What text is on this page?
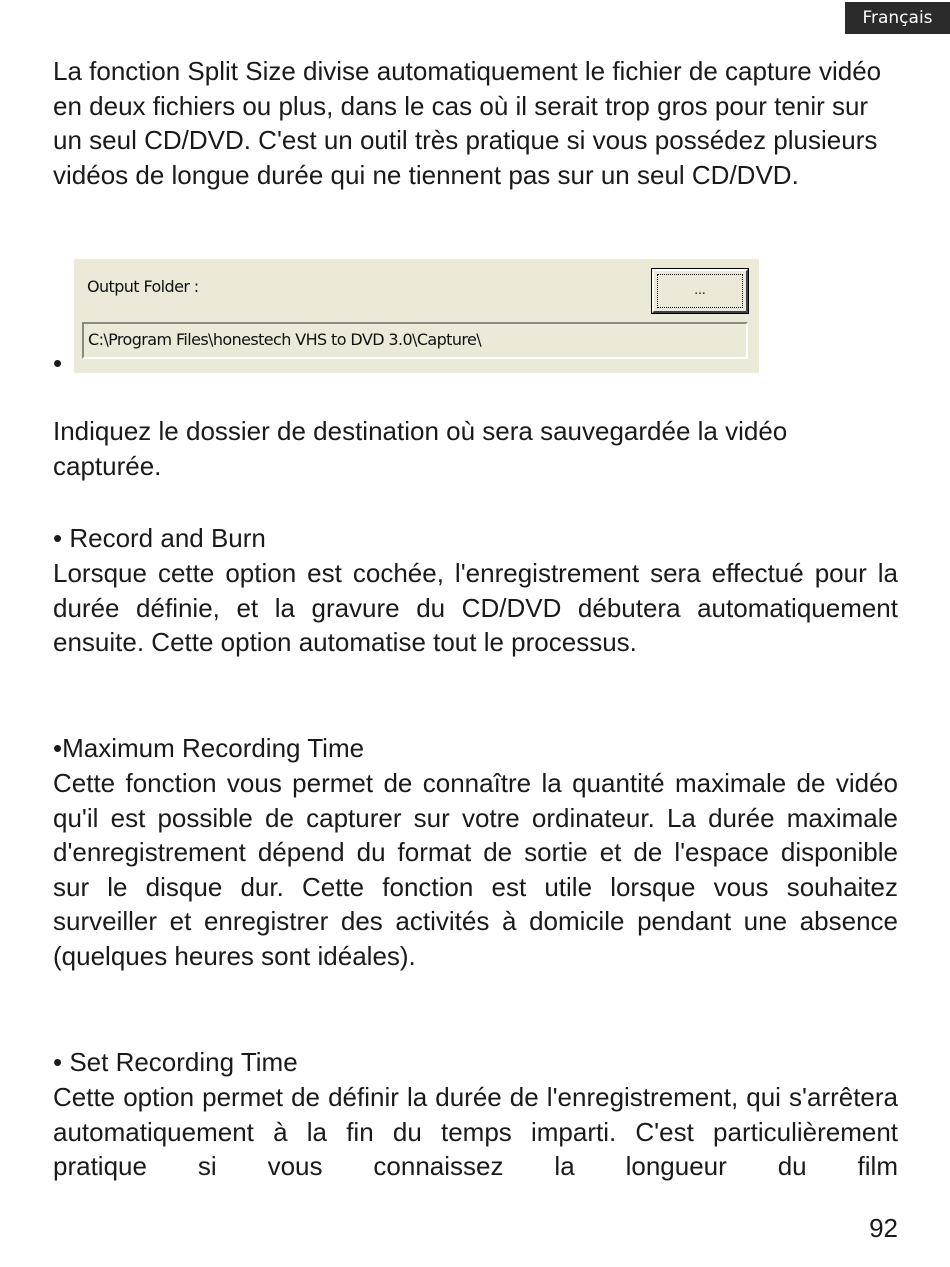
Français

La fonction Split Size divise automatiquement le fichier de capture vidéo en deux fichiers ou plus, dans le cas où il serait trop gros pour tenir sur un seul CD/DVD. C'est un outil très pratique si vous possédez plusieurs vidéos de longue durée qui ne tiennent pas sur un seul CD/DVD.

•
Output Folder :	...
C:\Program Files\honestech VHS to DVD 3.0\Capture\

Indiquez le dossier de destination où sera sauvegardée la vidéo capturée.

• Record and Burn

Lorsque cette option est cochée, l'enregistrement sera effectué pour la durée définie, et la gravure du CD/DVD débutera automatiquement ensuite. Cette option automatise tout le processus.

•Maximum Recording Time

Cette fonction vous permet de connaître la quantité maximale de vidéo qu'il est possible de capturer sur votre ordinateur. La durée maximale d'enregistrement dépend du format de sortie et de l'espace disponible sur le disque dur. Cette fonction est utile lorsque vous souhaitez surveiller et enregistrer des activités à domicile pendant une absence (quelques heures sont idéales).

• Set Recording Time

Cette option permet de définir la durée de l'enregistrement, qui s'arrêtera automatiquement à la fin du temps imparti. C'est particulièrement pratique si vous connaissez la longueur du film

92
